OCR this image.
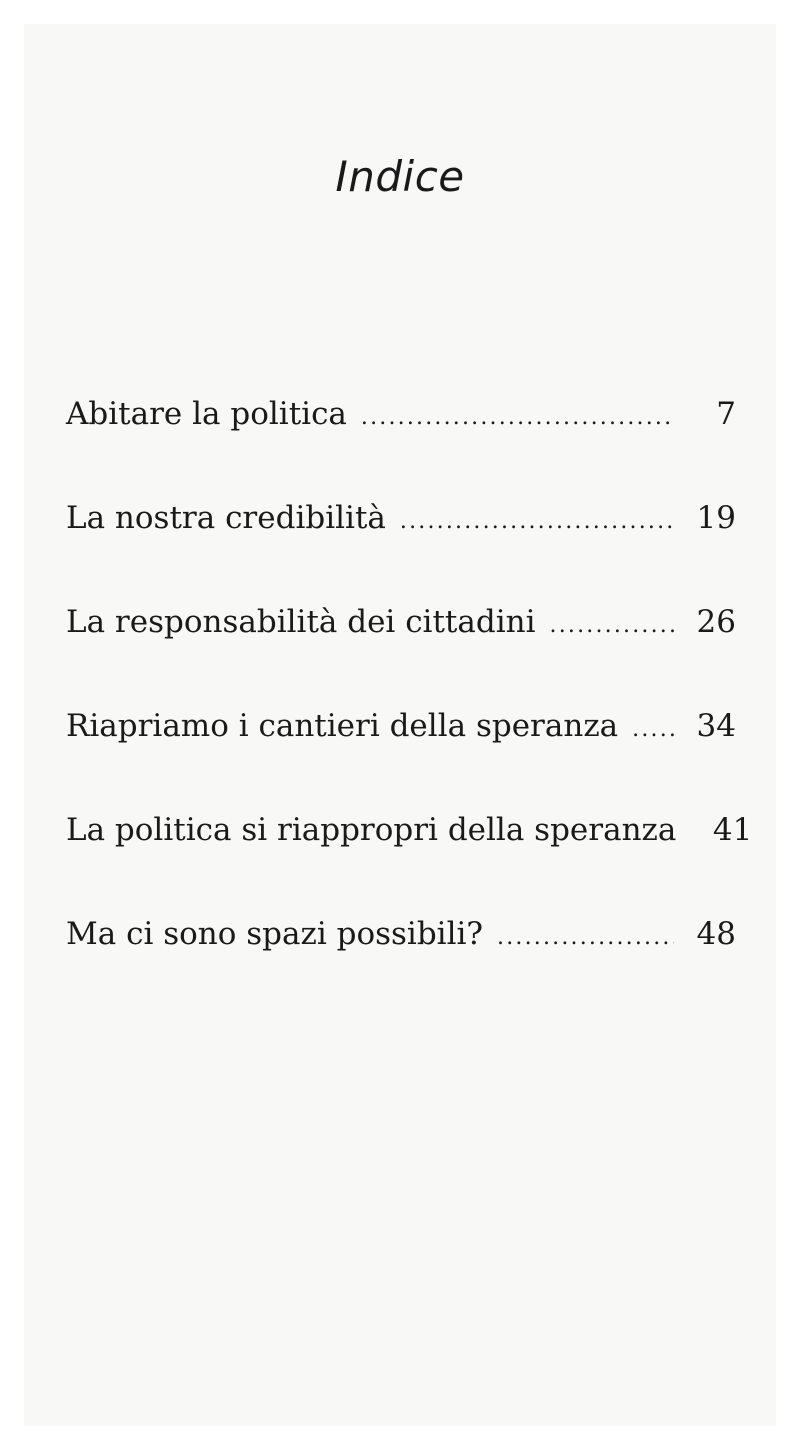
Indice
Abitare la politica . . .	7
La nostra credibilità . . .	19
La responsabilità dei cittadini . . .	26
Riapriamo i cantieri della speranza . . .	34
La politica si riappropri della speranza	41
Ma ci sono spazi possibili? . . .	48
